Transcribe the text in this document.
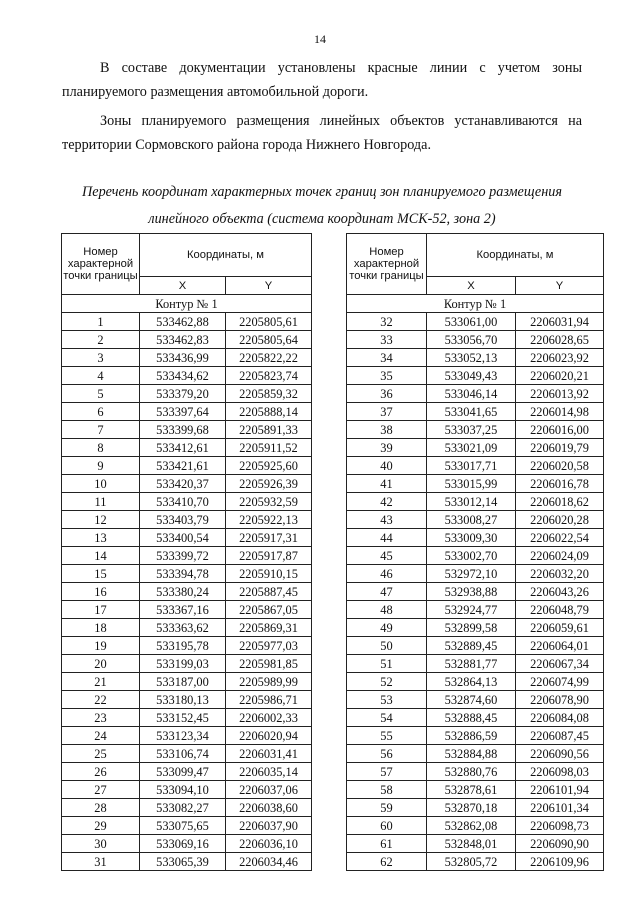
14

В составе документации установлены красные линии с учетом зоны планируемого размещения автомобильной дороги.

Зоны планируемого размещения линейных объектов устанавливаются на территории Сормовского района города Нижнего Новгорода.

Перечень координат характерных точек границ зон планируемого размещения линейного объекта (система координат МСК-52, зона 2)
Номер характерной точки границы	Координаты, м	
	X	Y
Контур № 1		
1	533462,88	2205805,61
2	533462,83	2205805,64
3	533436,99	2205822,22
4	533434,62	2205823,74
5	533379,20	2205859,32
6	533397,64	2205888,14
7	533399,68	2205891,33
8	533412,61	2205911,52
9	533421,61	2205925,60
10	533420,37	2205926,39
11	533410,70	2205932,59
12	533403,79	2205922,13
13	533400,54	2205917,31
14	533399,72	2205917,87
15	533394,78	2205910,15
16	533380,24	2205887,45
17	533367,16	2205867,05
18	533363,62	2205869,31
19	533195,78	2205977,03
20	533199,03	2205981,85
21	533187,00	2205989,99
22	533180,13	2205986,71
23	533152,45	2206002,33
24	533123,34	2206020,94
25	533106,74	2206031,41
26	533099,47	2206035,14
27	533094,10	2206037,06
28	533082,27	2206038,60
29	533075,65	2206037,90
30	533069,16	2206036,10
31	533065,39	2206034,46
Номер характерной точки границы	Координаты, м	
	X	Y
Контур № 1		
32	533061,00	2206031,94
33	533056,70	2206028,65
34	533052,13	2206023,92
35	533049,43	2206020,21
36	533046,14	2206013,92
37	533041,65	2206014,98
38	533037,25	2206016,00
39	533021,09	2206019,79
40	533017,71	2206020,58
41	533015,99	2206016,78
42	533012,14	2206018,62
43	533008,27	2206020,28
44	533009,30	2206022,54
45	533002,70	2206024,09
46	532972,10	2206032,20
47	532938,88	2206043,26
48	532924,77	2206048,79
49	532899,58	2206059,61
50	532889,45	2206064,01
51	532881,77	2206067,34
52	532864,13	2206074,99
53	532874,60	2206078,90
54	532888,45	2206084,08
55	532886,59	2206087,45
56	532884,88	2206090,56
57	532880,76	2206098,03
58	532878,61	2206101,94
59	532870,18	2206101,34
60	532862,08	2206098,73
61	532848,01	2206090,90
62	532805,72	2206109,96
